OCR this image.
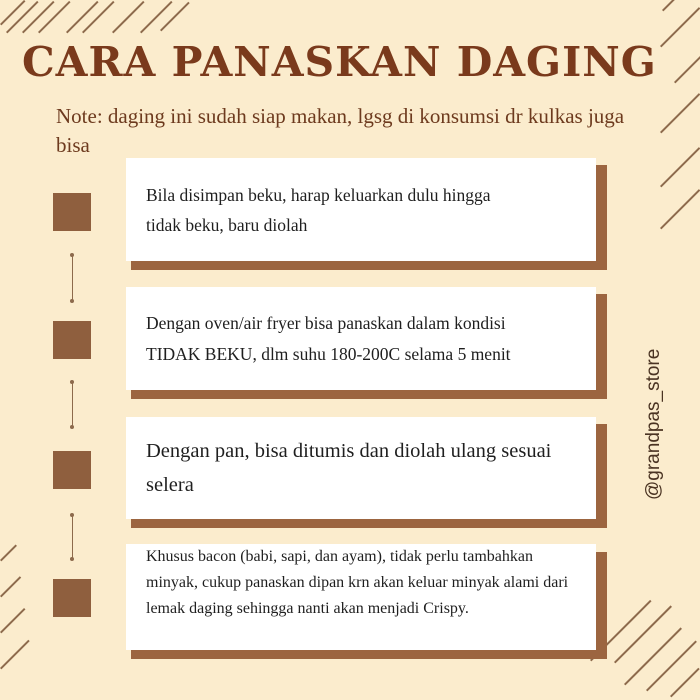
CARA PANASKAN DAGING

Note: daging ini sudah siap makan, lgsg di konsumsi dr kulkas juga bisa

Bila disimpan beku, harap keluarkan dulu hingga tidak beku, baru diolah
Dengan oven/air fryer bisa panaskan dalam kondisi TIDAK BEKU, dlm suhu 180-200C selama 5 menit
Dengan pan, bisa ditumis dan diolah ulang sesuai selera
Khusus bacon (babi, sapi, dan ayam), tidak perlu tambahkan minyak, cukup panaskan dipan krn akan keluar minyak alami dari lemak daging sehingga nanti akan menjadi Crispy.
@grandpas_store
